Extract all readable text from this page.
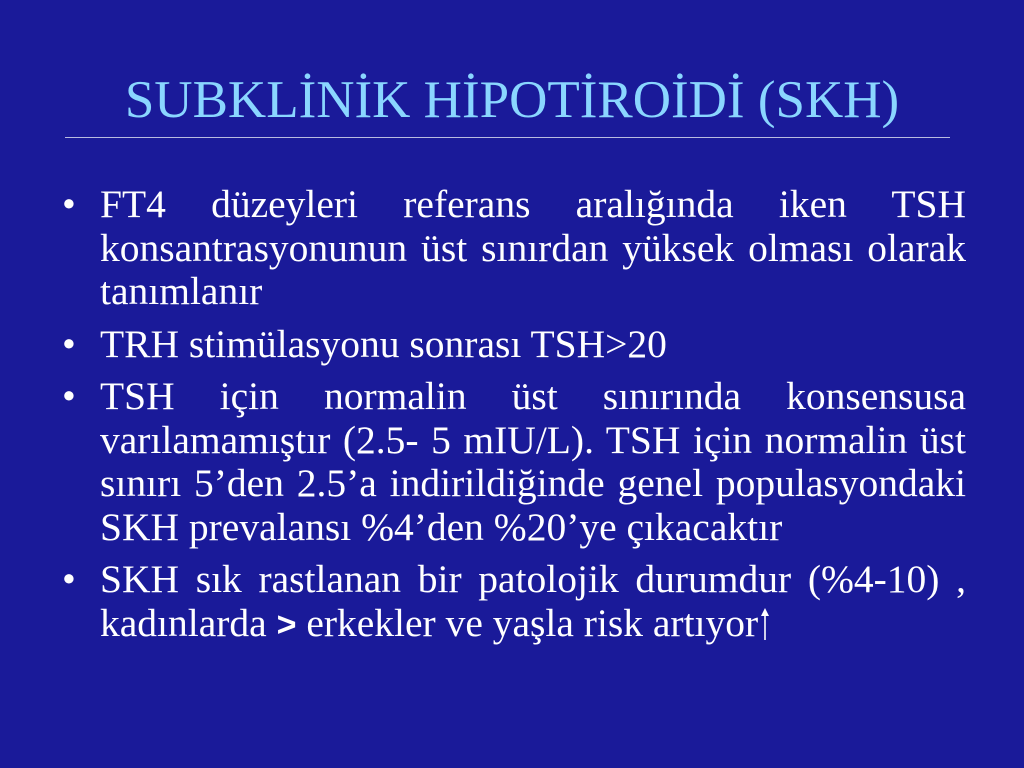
SUBKLİNİK HİPOTİROİDİ (SKH)
• FT4 düzeyleri referans aralığında iken TSH konsantrasyonunun üst sınırdan yüksek olması olarak tanımlanır
• TRH stimülasyonu sonrası TSH>20
• TSH için normalin üst sınırında konsensusa varılamamıştır (2.5- 5 mIU/L). TSH için normalin üst sınırı 5’den 2.5’a indirildiğinde genel populasyondaki SKH prevalansı %4’den %20’ye çıkacaktır
• SKH sık rastlanan bir patolojik durumdur (%4-10) , kadınlarda > erkekler ve yaşla risk artıyor
